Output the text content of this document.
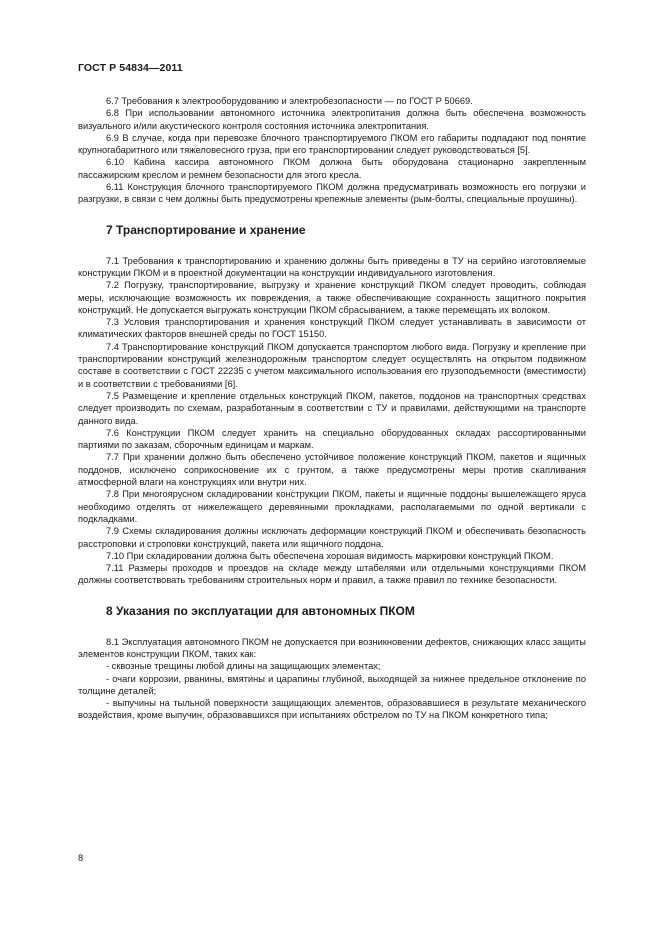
ГОСТ Р 54834—2011

6.7 Требования к электрооборудованию и электробезопасности — по ГОСТ Р 50669.

6.8 При использовании автономного источника электропитания должна быть обеспечена возможность визуального и/или акустического контроля состояния источника электропитания.

6.9 В случае, когда при перевозке блочного транспортируемого ПКОМ его габариты подпадают под понятие крупногабаритного или тяжеловесного груза, при его транспортировании следует руководствоваться [5].

6.10 Кабина кассира автономного ПКОМ должна быть оборудована стационарно закрепленным пассажирским креслом и ремнем безопасности для этого кресла.

6.11 Конструкция блочного транспортируемого ПКОМ должна предусматривать возможность его погрузки и разгрузки, в связи с чем должны быть предусмотрены крепежные элементы (рым-болты, специальные проушины).

7 Транспортирование и хранение

7.1 Требования к транспортированию и хранению должны быть приведены в ТУ на серийно изготовляемые конструкции ПКОМ и в проектной документации на конструкции индивидуального изготовления.

7.2 Погрузку, транспортирование, выгрузку и хранение конструкций ПКОМ следует проводить, соблюдая меры, исключающие возможность их повреждения, а также обеспечивающие сохранность защитного покрытия конструкций. Не допускается выгружать конструкции ПКОМ сбрасыванием, а также перемещать их волоком.

7.3 Условия транспортирования и хранения конструкций ПКОМ следует устанавливать в зависимости от климатических факторов внешней среды по ГОСТ 15150.

7.4 Транспортирование конструкций ПКОМ допускается транспортом любого вида. Погрузку и крепление при транспортировании конструкций железнодорожным транспортом следует осуществлять на открытом подвижном составе в соответствии с ГОСТ 22235 с учетом максимального использования его грузоподъемности (вместимости) и в соответствии с требованиями [6].

7.5 Размещение и крепление отдельных конструкций ПКОМ, пакетов, поддонов на транспортных средствах следует производить по схемам, разработанным в соответствии с ТУ и правилами, действующими на транспорте данного вида.

7.6 Конструкции ПКОМ следует хранить на специально оборудованных складах рассортированными партиями по заказам, сборочным единицам и маркам.

7.7 При хранении должно быть обеспечено устойчивое положение конструкций ПКОМ, пакетов и ящичных поддонов, исключено соприкосновение их с грунтом, а также предусмотрены меры против скапливания атмосферной влаги на конструкциях или внутри них.

7.8 При многоярусном складировании конструкции ПКОМ, пакеты и ящичные поддоны вышележащего яруса необходимо отделять от нижележащего деревянными прокладками, располагаемыми по одной вертикали с подкладками.

7.9 Схемы складирования должны исключать деформации конструкций ПКОМ и обеспечивать безопасность расстроповки и строповки конструкций, пакета или ящичного поддона.

7.10 При складировании должна быть обеспечена хорошая видимость маркировки конструкций ПКОМ.

7.11 Размеры проходов и проездов на складе между штабелями или отдельными конструкциями ПКОМ должны соответствовать требованиям строительных норм и правил, а также правил по технике безопасности.

8 Указания по эксплуатации для автономных ПКОМ

8.1 Эксплуатация автономного ПКОМ не допускается при возникновении дефектов, снижающих класс защиты элементов конструкции ПКОМ, таких как:

- сквозные трещины любой длины на защищающих элементах;

- очаги коррозии, рванины, вмятины и царапины глубиной, выходящей за нижнее предельное отклонение по толщине деталей;

- выпучины на тыльной поверхности защищающих элементов, образовавшиеся в результате механического воздействия, кроме выпучин, образовавшихся при испытаниях обстрелом по ТУ на ПКОМ конкретного типа;

8
